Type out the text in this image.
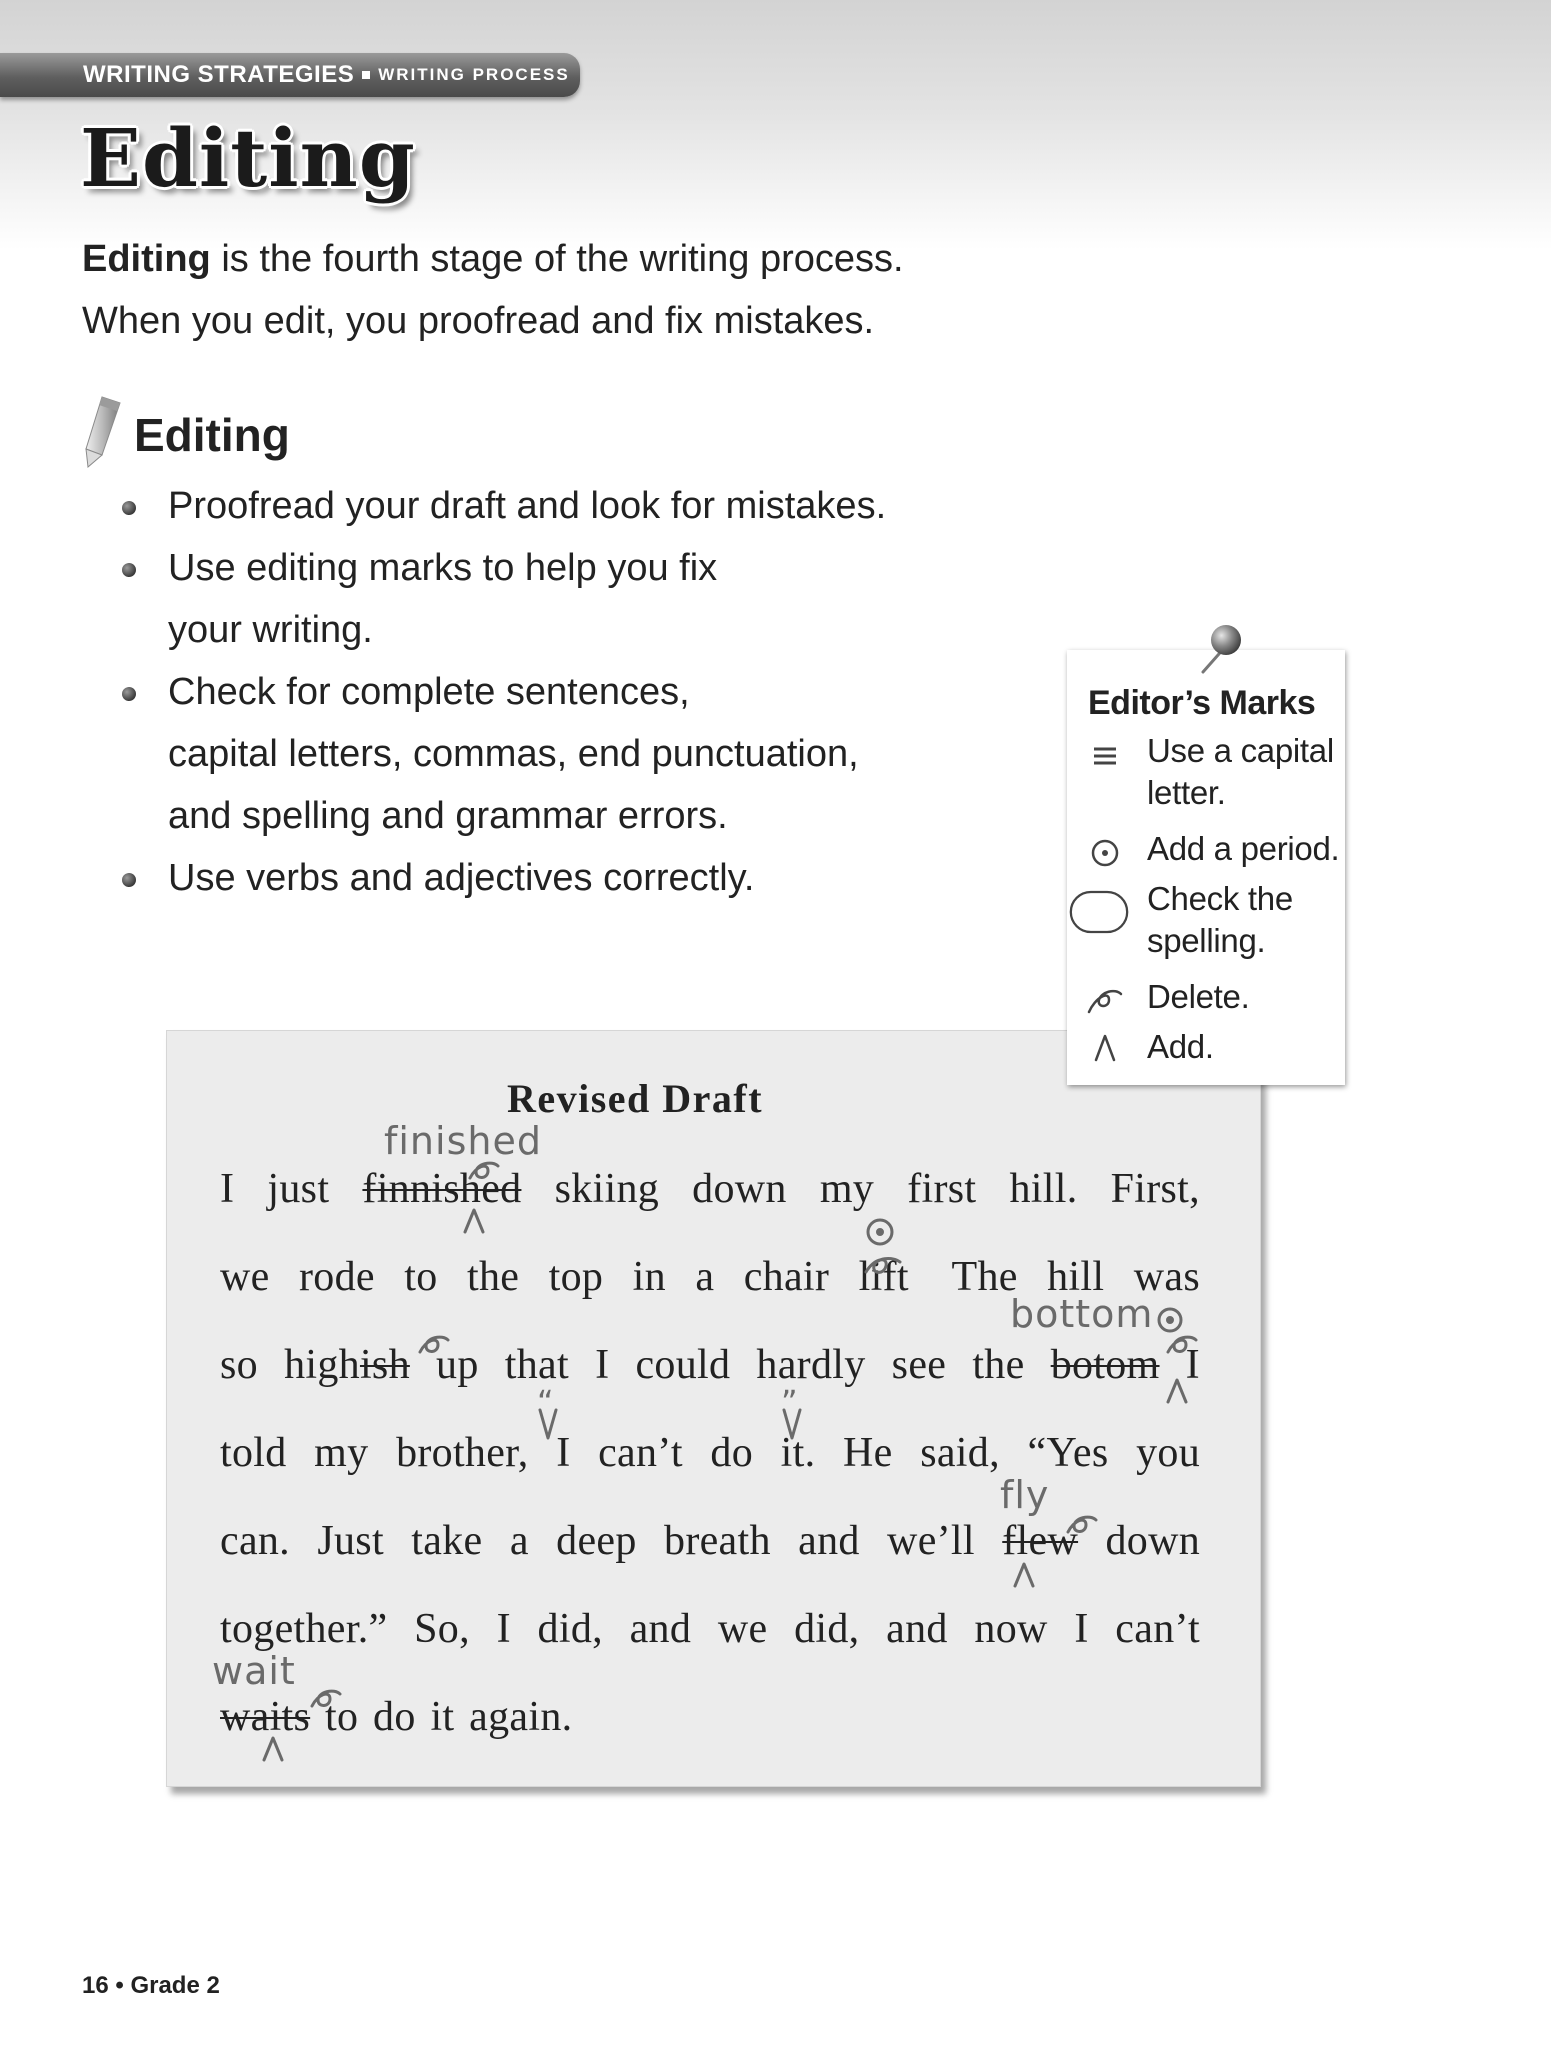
WRITING STRATEGIES WRITING PROCESS
Editing
Editing is the fourth stage of the writing process.
When you edit, you proofread and fix mistakes.
Editing
Proofread your draft and look for mistakes.
Use editing marks to help you fix
your writing.
Check for complete sentences,
capital letters, commas, end punctuation,
and spelling and grammar errors.
Use verbs and adjectives correctly.
Revised Draft
I just finnished skiing down my first hill. First,
we rode to the top in a chair lift The hill was
so highish up that I could hardly see the botom I
told my brother, I can’t do it. He said, “Yes you
can. Just take a deep breath and we’ll flew down
together.” So, I did, and we did, and now I can’t
waits to do it again.
finished
bottom
fly
wait
“	”
Editor’s Marks
Use a capital
letter.
Add a period.
Check the
spelling.
Delete.
Add.
16 • Grade 2
